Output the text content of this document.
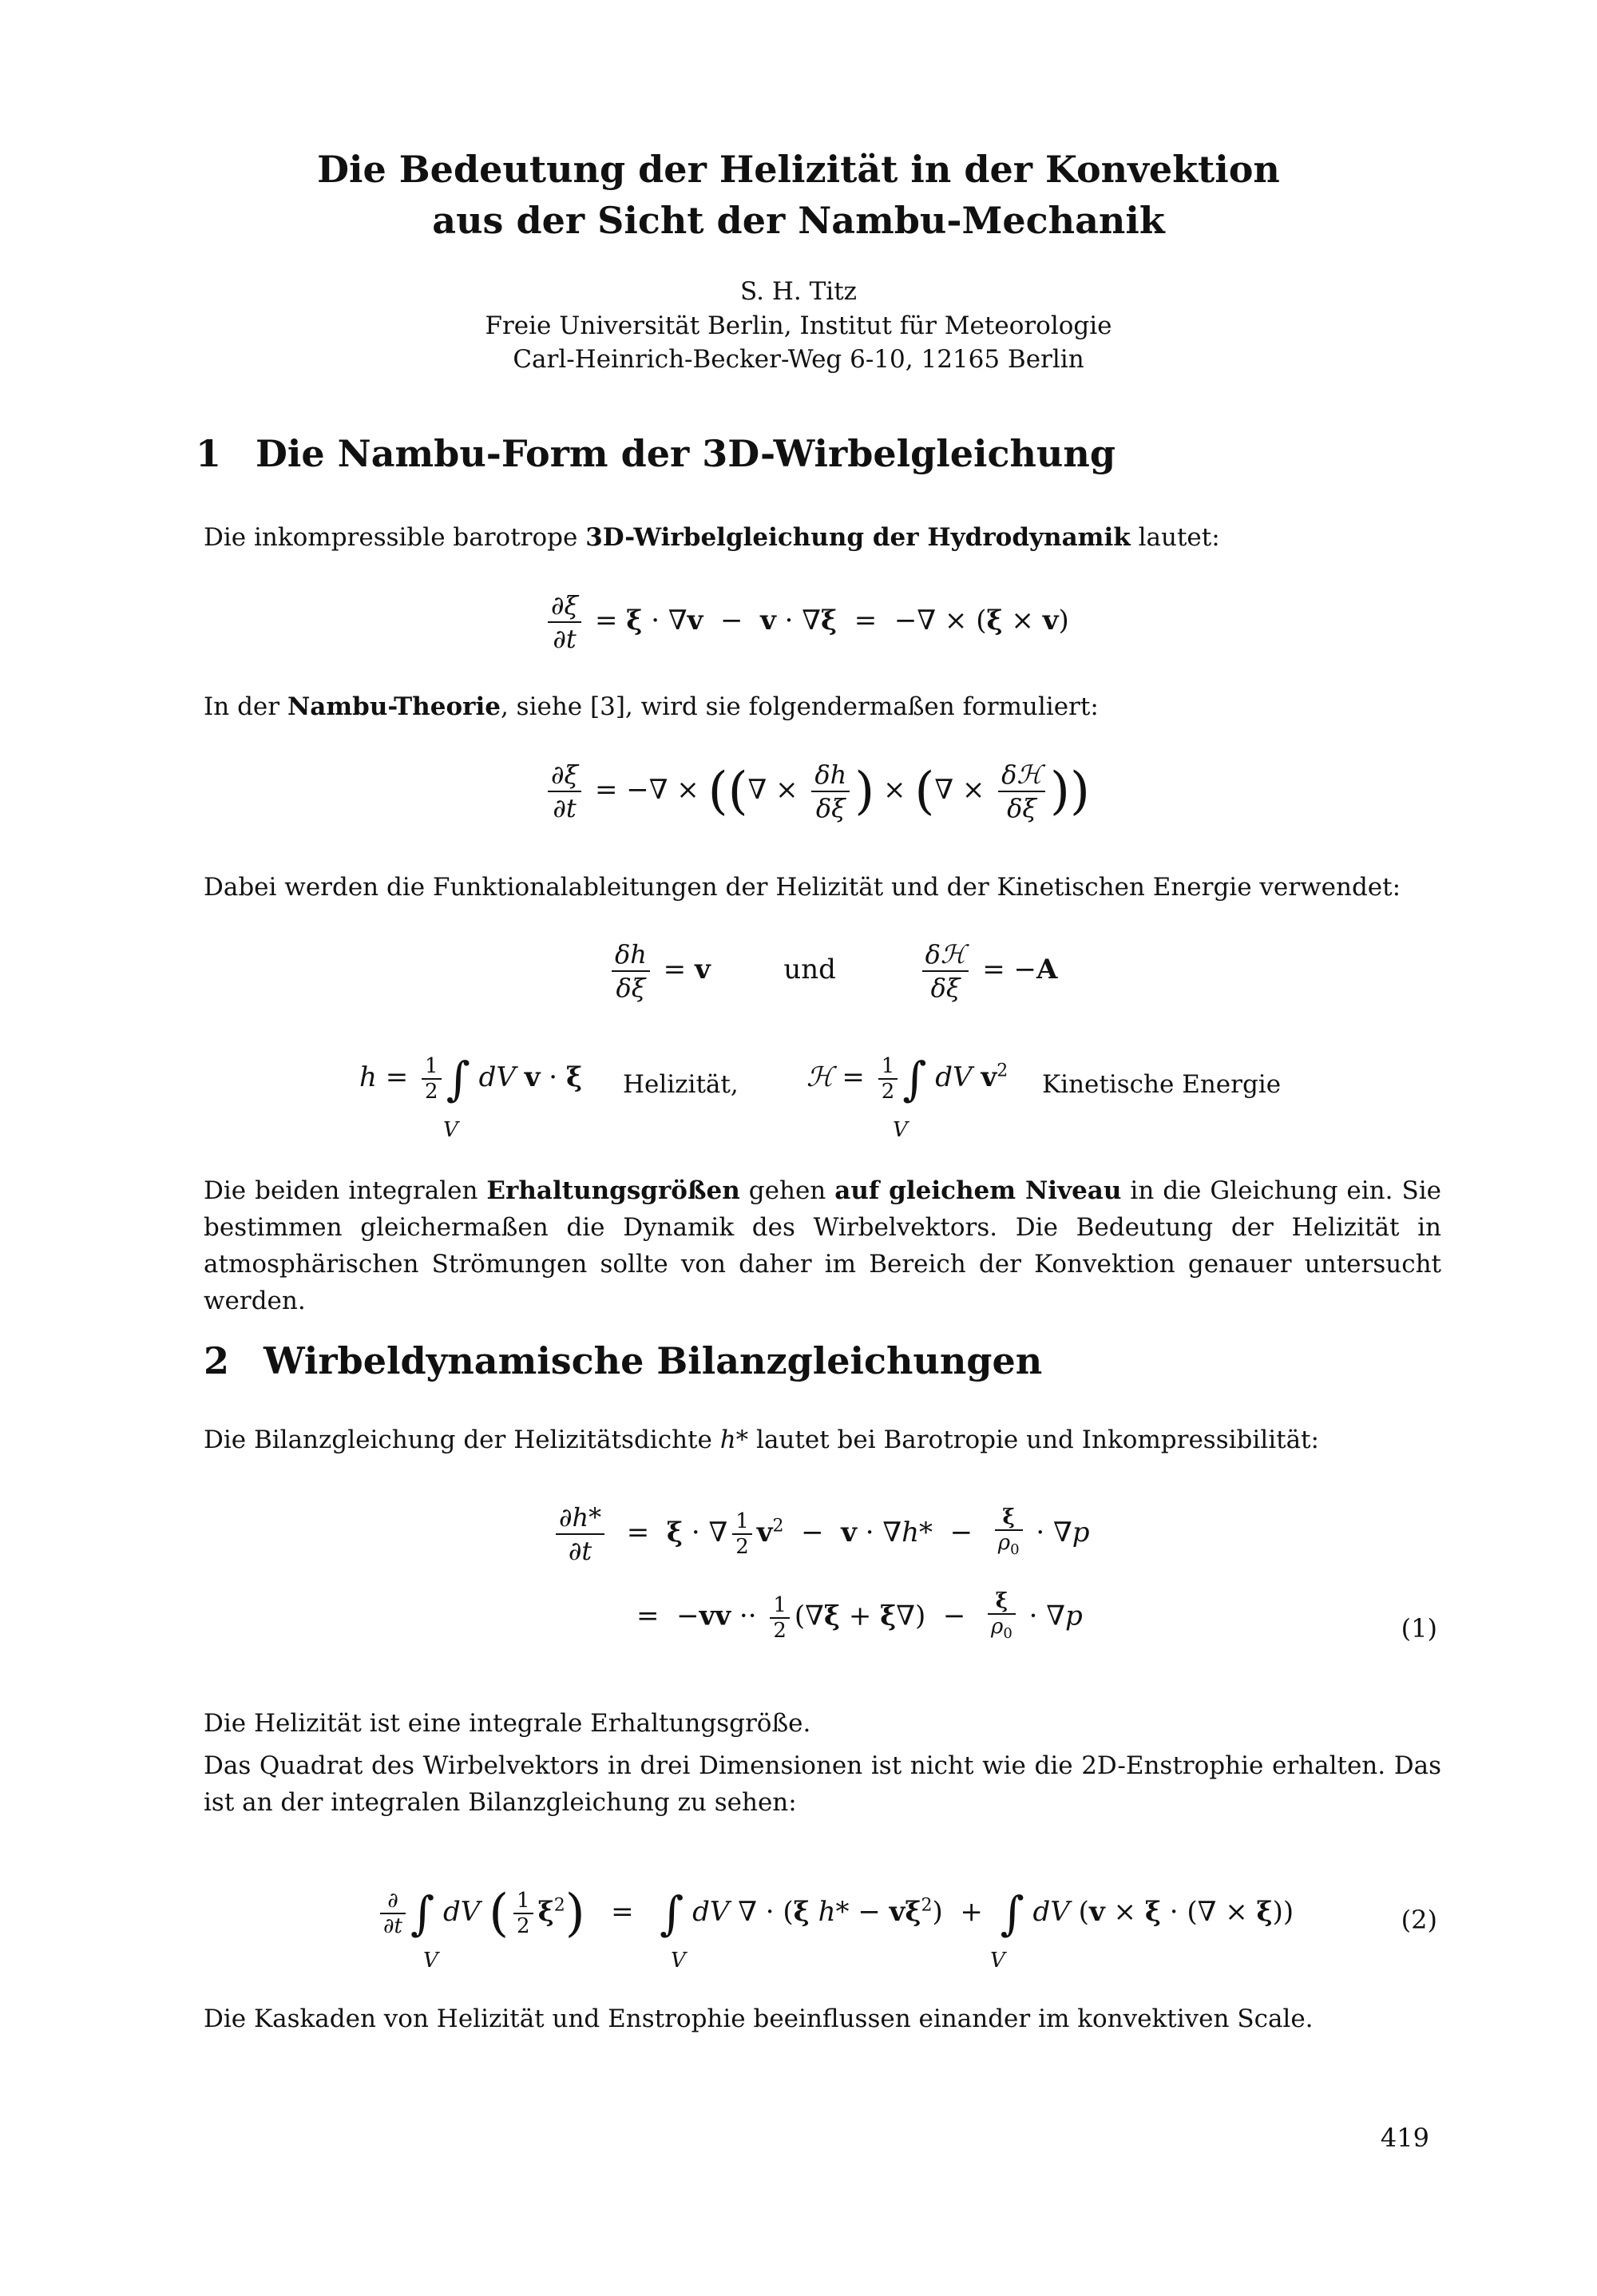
Die Bedeutung der Helizität in der Konvektion
aus der Sicht der Nambu-Mechanik
S. H. Titz
Freie Universität Berlin, Institut für Meteorologie
Carl-Heinrich-Becker-Weg 6-10, 12165 Berlin
1 Die Nambu-Form der 3D-Wirbelgleichung
Die inkompressible barotrope 3D-Wirbelgleichung der Hydrodynamik lautet:
$\frac{\partial\xi}{\partial t} = \xi \cdot \nabla v - v \cdot \nabla\xi$  =  −∇ × (ξ × v)
In der Nambu-Theorie, siehe [3], wird sie folgendermaßen formuliert:
$\frac{\partial\xi}{\partial t}$ = −∇ × ((∇ × $\frac{\delta h}{\delta\xi}$ ) × (∇ × $\frac{\text{δℋ}}{\delta\xi}$ ))
Dabei werden die Funktionalableitungen der Helizität und der Kinetischen Energie verwendet:
$\frac{\delta h}{\delta\xi} = v$	und	$\frac{\text{δℋ}}{\delta\xi} = -A$
$h = \frac{1}{2}$ ∫ dV v · ξ
V
Helizität,	ℋ = $\frac{1}{2}$ ∫ dV $v^2$
V
Kinetische Energie
Die beiden integralen Erhaltungsgrößen gehen auf gleichem Niveau in die Gleichung ein. Sie bestimmen gleichermaßen die Dynamik des Wirbelvektors. Die Bedeutung der Helizität in atmosphärischen Strömungen sollte von daher im Bereich der Konvektion genauer untersucht werden.
2 Wirbeldynamische Bilanzgleichungen
Die Bilanzgleichung der Helizitätsdichte h* lautet bei Barotropie und Inkompressibilität:
$\frac{\partial h*}{\partial t} = \xi$ · ∇ $\frac{1}{2} v^2 - v \cdot \nabla h* - \frac{\xi}{\rho_0} \cdot \nabla p$
=  $-vv \cdot\cdot \frac{1}{2} (\nabla\xi + \xi\nabla) - \frac{\xi}{\rho_0} \cdot \nabla p$	(1)
Die Helizität ist eine integrale Erhaltungsgröße.
Das Quadrat des Wirbelvektors in drei Dimensionen ist nicht wie die 2D-Enstrophie erhalten. Das ist an der integralen Bilanzgleichung zu sehen:
$\frac{\partial}{\partial t}$ ∫ dV ( $\frac{1}{2} \xi^2$)   =   ∫ dV ∇ · (ξ $h* - v\xi^2$)  +  ∫ dV (v × ξ · (∇ × ξ))
V	V	V
(2)
Die Kaskaden von Helizität und Enstrophie beeinflussen einander im konvektiven Scale.
419
